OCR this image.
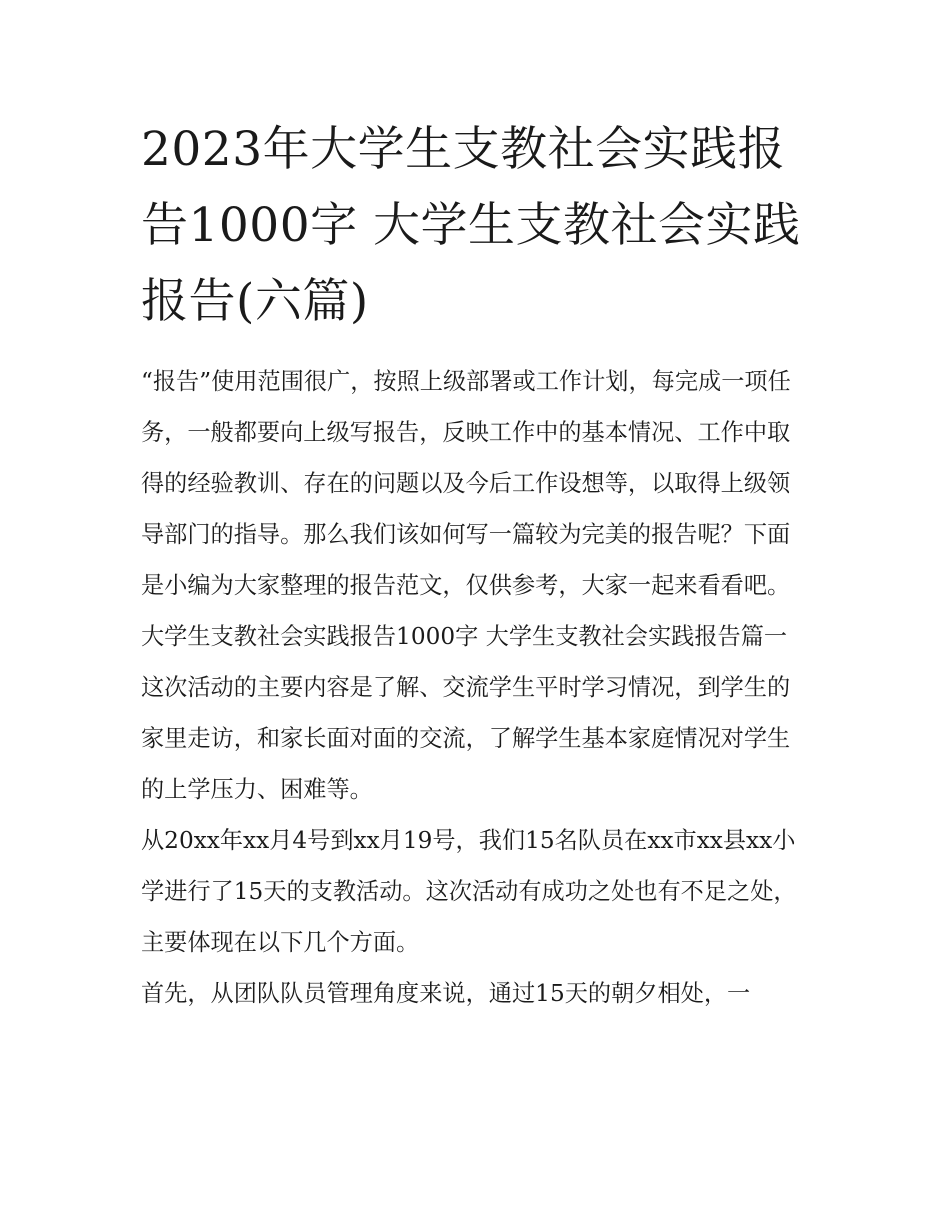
2023年大学生支教社会实践报告1000字 大学生支教社会实践报告(六篇)

“报告”使用范围很广，按照上级部署或工作计划，每完成一项任务，一般都要向上级写报告，反映工作中的基本情况、工作中取得的经验教训、存在的问题以及今后工作设想等，以取得上级领导部门的指导。那么我们该如何写一篇较为完美的报告呢？下面是小编为大家整理的报告范文，仅供参考，大家一起来看看吧。

大学生支教社会实践报告1000字 大学生支教社会实践报告篇一

这次活动的主要内容是了解、交流学生平时学习情况，到学生的家里走访，和家长面对面的交流，了解学生基本家庭情况对学生的上学压力、困难等。

从20xx年xx月4号到xx月19号，我们15名队员在xx市xx县xx小学进行了15天的支教活动。这次活动有成功之处也有不足之处，主要体现在以下几个方面。

首先，从团队队员管理角度来说，通过15天的朝夕相处，一
